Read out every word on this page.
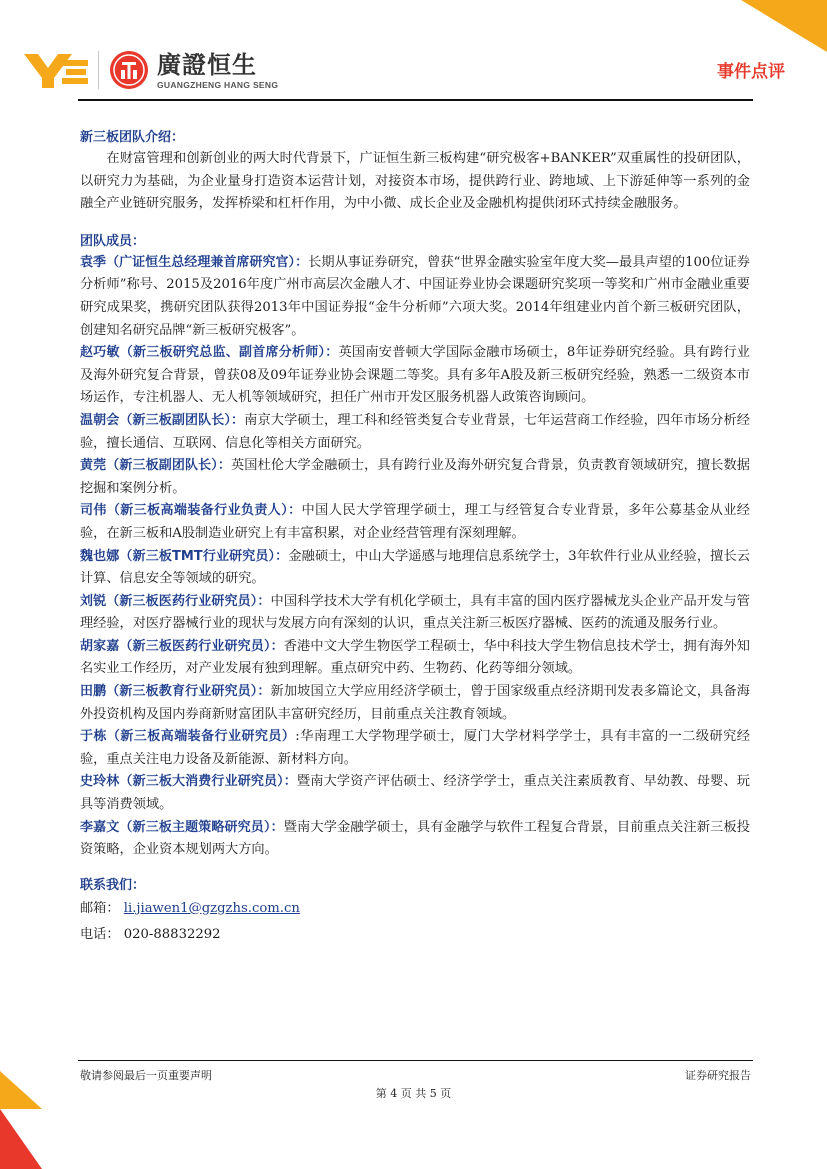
廣證恒生
GUANGZHENG HANG SENG
事件点评

新三板团队介绍：

在财富管理和创新创业的两大时代背景下，广证恒生新三板构建“研究极客+BANKER”双重属性的投研团队，以研究力为基础，为企业量身打造资本运营计划，对接资本市场，提供跨行业、跨地域、上下游延伸等一系列的金融全产业链研究服务，发挥桥梁和杠杆作用，为中小微、成长企业及金融机构提供闭环式持续金融服务。

团队成员：

袁季（广证恒生总经理兼首席研究官）：长期从事证券研究，曾获“世界金融实验室年度大奖—最具声望的100位证券分析师”称号、2015及2016年度广州市高层次金融人才、中国证券业协会课题研究奖项一等奖和广州市金融业重要研究成果奖，携研究团队获得2013年中国证券报“金牛分析师”六项大奖。2014年组建业内首个新三板研究团队，创建知名研究品牌“新三板研究极客”。

赵巧敏（新三板研究总监、副首席分析师）：英国南安普顿大学国际金融市场硕士，8年证券研究经验。具有跨行业及海外研究复合背景，曾获08及09年证券业协会课题二等奖。具有多年A股及新三板研究经验，熟悉一二级资本市场运作，专注机器人、无人机等领域研究，担任广州市开发区服务机器人政策咨询顾问。

温朝会（新三板副团队长）：南京大学硕士，理工科和经管类复合专业背景，七年运营商工作经验，四年市场分析经验，擅长通信、互联网、信息化等相关方面研究。

黄莞（新三板副团队长）：英国杜伦大学金融硕士，具有跨行业及海外研究复合背景，负责教育领域研究，擅长数据挖掘和案例分析。

司伟（新三板高端装备行业负责人）：中国人民大学管理学硕士，理工与经管复合专业背景，多年公募基金从业经验，在新三板和A股制造业研究上有丰富积累，对企业经营管理有深刻理解。

魏也娜（新三板TMT行业研究员）：金融硕士，中山大学遥感与地理信息系统学士，3年软件行业从业经验，擅长云计算、信息安全等领域的研究。

刘锐（新三板医药行业研究员）：中国科学技术大学有机化学硕士，具有丰富的国内医疗器械龙头企业产品开发与管理经验，对医疗器械行业的现状与发展方向有深刻的认识，重点关注新三板医疗器械、医药的流通及服务行业。

胡家嘉（新三板医药行业研究员）：香港中文大学生物医学工程硕士，华中科技大学生物信息技术学士，拥有海外知名实业工作经历，对产业发展有独到理解。重点研究中药、生物药、化药等细分领域。

田鹏（新三板教育行业研究员）：新加坡国立大学应用经济学硕士，曾于国家级重点经济期刊发表多篇论文，具备海外投资机构及国内券商新财富团队丰富研究经历，目前重点关注教育领域。

于栋（新三板高端装备行业研究员）:华南理工大学物理学硕士，厦门大学材料学学士，具有丰富的一二级研究经验，重点关注电力设备及新能源、新材料方向。

史玲林（新三板大消费行业研究员）：暨南大学资产评估硕士、经济学学士，重点关注素质教育、早幼教、母婴、玩具等消费领域。

李嘉文（新三板主题策略研究员）：暨南大学金融学硕士，具有金融学与软件工程复合背景，目前重点关注新三板投资策略，企业资本规划两大方向。

联系我们：

邮箱： li.jiawen1@gzgzhs.com.cn

电话： 020-88832292

敬请参阅最后一页重要声明	证券研究报告
第 4 页 共 5 页
